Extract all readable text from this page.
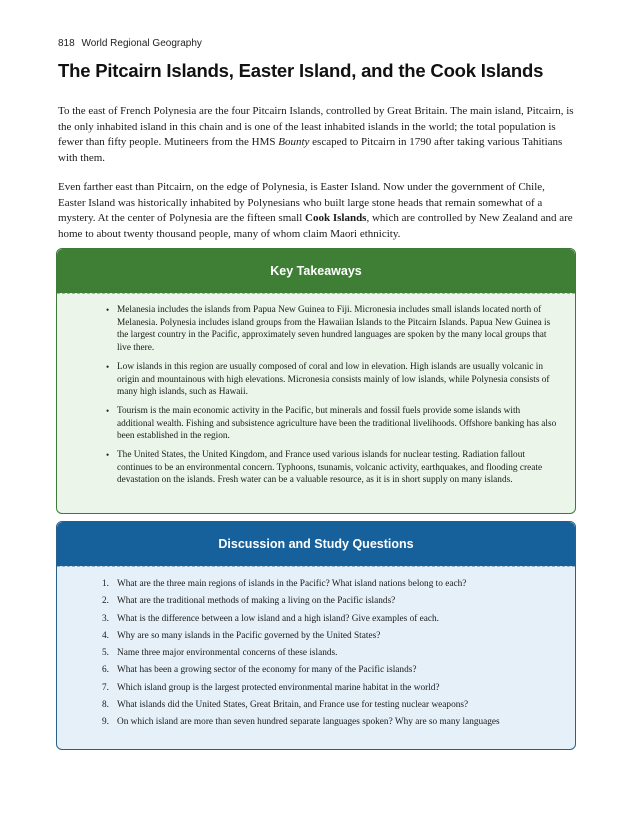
818 World Regional Geography
The Pitcairn Islands, Easter Island, and the Cook Islands

To the east of French Polynesia are the four Pitcairn Islands, controlled by Great Britain. The main island, Pitcairn, is the only inhabited island in this chain and is one of the least inhabited islands in the world; the total population is fewer than fifty people. Mutineers from the HMS Bounty escaped to Pitcairn in 1790 after taking various Tahitians with them.

Even farther east than Pitcairn, on the edge of Polynesia, is Easter Island. Now under the government of Chile, Easter Island was historically inhabited by Polynesians who built large stone heads that remain somewhat of a mystery. At the center of Polynesia are the fifteen small Cook Islands, which are controlled by New Zealand and are home to about twenty thousand people, many of whom claim Maori ethnicity.

Key Takeaways
• Melanesia includes the islands from Papua New Guinea to Fiji. Micronesia includes small islands located north of Melanesia. Polynesia includes island groups from the Hawaiian Islands to the Pitcairn Islands. Papua New Guinea is the largest country in the Pacific, approximately seven hundred languages are spoken by the many local groups that live there.
• Low islands in this region are usually composed of coral and low in elevation. High islands are usually volcanic in origin and mountainous with high elevations. Micronesia consists mainly of low islands, while Polynesia consists of many high islands, such as Hawaii.
• Tourism is the main economic activity in the Pacific, but minerals and fossil fuels provide some islands with additional wealth. Fishing and subsistence agriculture have been the traditional livelihoods. Offshore banking has also been established in the region.
• The United States, the United Kingdom, and France used various islands for nuclear testing. Radiation fallout continues to be an environmental concern. Typhoons, tsunamis, volcanic activity, earthquakes, and flooding create devastation on the islands. Fresh water can be a valuable resource, as it is in short supply on many islands.
Discussion and Study Questions
1. What are the three main regions of islands in the Pacific? What island nations belong to each?
2. What are the traditional methods of making a living on the Pacific islands?
3. What is the difference between a low island and a high island? Give examples of each.
4. Why are so many islands in the Pacific governed by the United States?
5. Name three major environmental concerns of these islands.
6. What has been a growing sector of the economy for many of the Pacific islands?
7. Which island group is the largest protected environmental marine habitat in the world?
8. What islands did the United States, Great Britain, and France use for testing nuclear weapons?
9. On which island are more than seven hundred separate languages spoken? Why are so many languages
